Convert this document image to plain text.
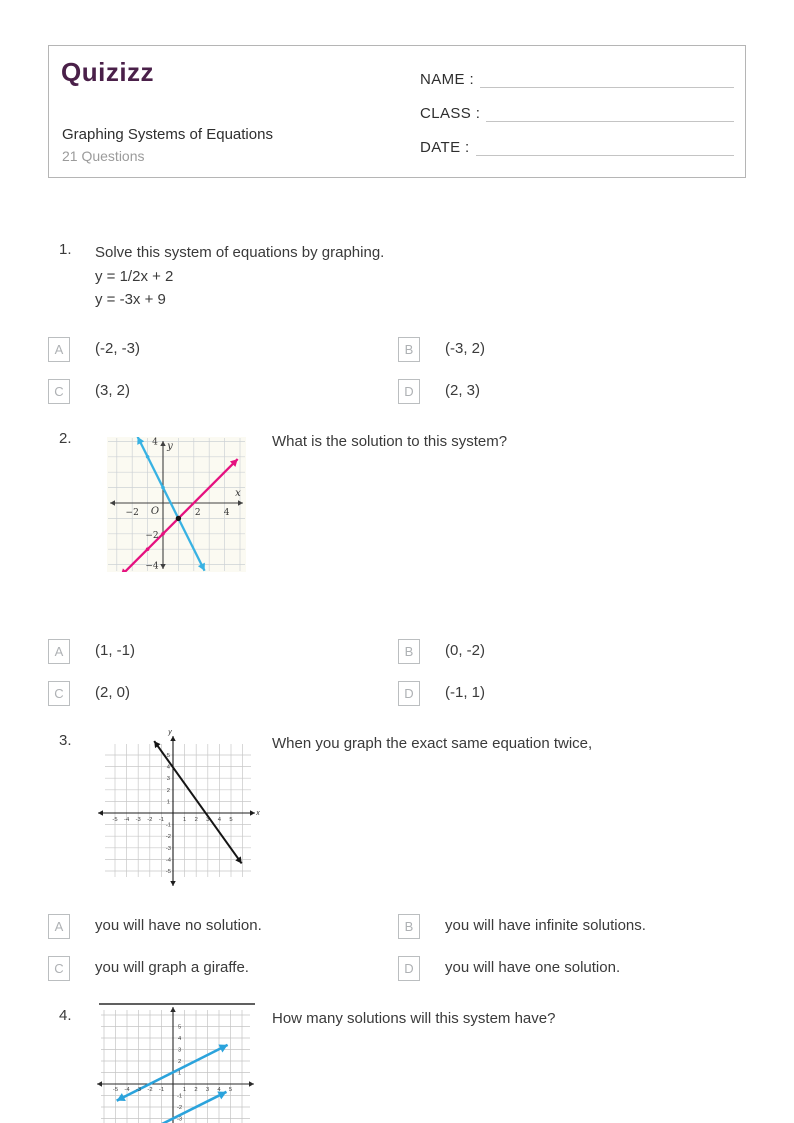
Quizizz
Graphing Systems of Equations
21 Questions
NAME :
CLASS :
DATE :
1. Solve this system of equations by graphing.
y = 1/2x + 2
y = -3x + 9
A (-2, -3)	B (-3, 2)
C (3, 2)	D (2, 3)
2.
−2	2	4
4
−2
−4
x
y
O
What is the solution to this system?
A (1, -1)	B (0, -2)
C (2, 0)	D (-1, 1)
3.
-5 -4 -3 -2 -1	1 2 3 4 5
5
4
3
2
1
-1
-2
-3
-4
-5
x
y
When you graph the exact same equation twice,
A you will have no solution.	B you will have infinite solutions.
C you will graph a giraffe.	D you will have one solution.
4.
-5 -4 -3 -2 -1	1 2 3 4 5
5
4
3
2
1
-1
-2
-3
How many solutions will this system have?
